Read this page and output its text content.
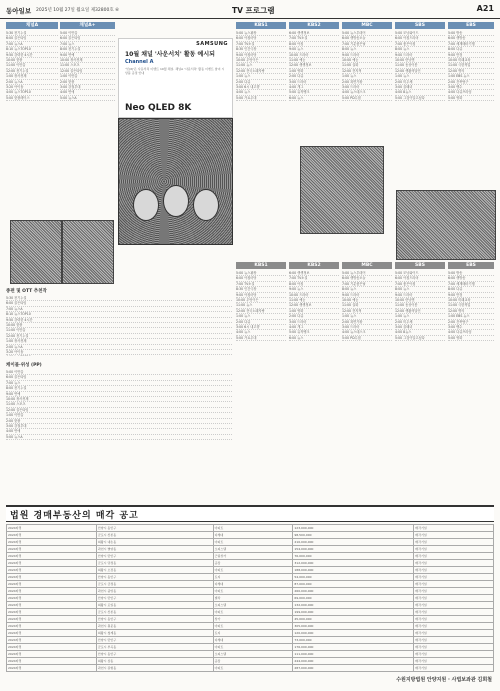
동아일보 2025년 10월 27일 월요일 제32800호 ⑥	TV 프로그램	A21
채널A
5:30 천기누설
6:00 골든타임
7:00 뉴스A
8:10 뉴스TOP10
9:50 강력한 4시간
10:00 핫플
11:00 이만갑
12:00 천기누설
1:00 장사천재
2:00 뉴스A
3:20 아이돌
4:00 뉴스TOP10
5:00 핫플레이스
채널A+
5:00 이만갑
6:00 골든타임
7:00 뉴스
8:00 천기누설
9:00 연예
10:00 장사천재
11:00 스포츠
12:00 골든타임
1:00 이만갑
2:00 핫플
3:00 강철부대
4:00 연애
5:00 뉴스A
SAMSUNG
10월 채널 '사운서치' 활동 예시되
Channel A
'잇(it)'은 사운서치 이벤트 10월 채널. 채널A '사운서치' 활동 이벤트 참여 시 상품 증정 안내
Neo QLED 8K
KBS1
5:00 뉴스광장
6:00 아침마당
7:00 TV소설
8:30 인간극장
9:00 아침마당
10:00 무엇이든
11:00 뉴스
12:00 전국노래자랑
1:00 뉴스
2:00 다큐
3:00 6시 내고향
4:00 뉴스
5:00 가요무대
KBS2
6:00 생생정보
7:00 TV소설
8:00 아침
9:00 뉴스
10:00 드라마
11:00 예능
12:00 생생정보
1:00 영화
2:00 다큐
3:00 드라마
4:00 개그
5:00 뮤직뱅크
6:00 뉴스
MBC
5:00 뉴스투데이
6:00 생방송오늘
7:00 기분좋은날
8:00 뉴스
9:00 드라마
10:00 예능
11:00 실화
12:00 전지적
1:00 뉴스
2:00 복면가왕
3:00 드라마
4:00 뉴스데스크
5:00 PD수첩
SBS
5:00 모닝와이드
6:00 아침드라마
7:00 좋은아침
8:00 뉴스
9:00 드라마
10:00 런닝맨
11:00 동상이몽
12:00 생활의달인
1:00 뉴스
2:00 미우새
3:00 골때녀
4:00 8뉴스
5:00 그것이알고싶다
EBS
5:00 방송
6:00 생방송
7:00 세계테마기행
8:00 다큐
9:00 만점
10:00 미래교육
11:00 극한직업
12:00 명의
1:00 EBS 뉴스
2:00 건축탐구
3:00 펭수
4:00 다큐프라임
5:00 영화
KBS1
5:00 뉴스광장
6:00 아침마당
7:00 TV소설
8:30 인간극장
9:00 아침마당
10:00 무엇이든
11:00 뉴스
12:00 전국노래자랑
1:00 뉴스
2:00 다큐
3:00 6시 내고향
4:00 뉴스
5:00 가요무대
KBS2
6:00 생생정보
7:00 TV소설
8:00 아침
9:00 뉴스
10:00 드라마
11:00 예능
12:00 생생정보
1:00 영화
2:00 다큐
3:00 드라마
4:00 개그
5:00 뮤직뱅크
6:00 뉴스
MBC
5:00 뉴스투데이
6:00 생방송오늘
7:00 기분좋은날
8:00 뉴스
9:00 드라마
10:00 예능
11:00 실화
12:00 전지적
1:00 뉴스
2:00 복면가왕
3:00 드라마
4:00 뉴스데스크
5:00 PD수첩
SBS
5:00 모닝와이드
6:00 아침드라마
7:00 좋은아침
8:00 뉴스
9:00 드라마
10:00 런닝맨
11:00 동상이몽
12:00 생활의달인
1:00 뉴스
2:00 미우새
3:00 골때녀
4:00 8뉴스
5:00 그것이알고싶다
EBS
5:00 방송
6:00 생방송
7:00 세계테마기행
8:00 다큐
9:00 만점
10:00 미래교육
11:00 극한직업
12:00 명의
1:00 EBS 뉴스
2:00 건축탐구
3:00 펭수
4:00 다큐프라임
5:00 영화
종편 및 OTT 추천작
5:30 천기누설
6:00 골든타임
7:00 뉴스A
8:10 뉴스TOP10
9:50 강력한 4시간
10:00 핫플
11:00 이만갑
12:00 천기누설
1:00 장사천재
2:00 뉴스A
3:20 아이돌
케이블·위성 (PP)
5:00 이만갑
6:00 골든타임
7:00 뉴스
8:00 천기누설
9:00 연예
10:00 장사천재
11:00 스포츠
12:00 골든타임
1:00 이만갑
2:00 핫플
3:00 강철부대
4:00 연애
5:00 뉴스A
법원 경매부동산의 매각 공고
2024타경	안양시 동안구	아파트	123,000,000	매각기일
2024타경	군포시 산본동	다세대	98,500,000	매각기일
2024타경	의왕시 내손동	아파트	210,000,000	매각기일
2024타경	과천시 별양동	오피스텔	154,000,000	매각기일
2024타경	안양시 만안구	근린상가	76,000,000	매각기일
2024타경	군포시 당정동	공장	312,000,000	매각기일
2024타경	의왕시 오전동	아파트	188,000,000	매각기일
2024타경	안양시 동안구	토지	54,000,000	매각기일
2024타경	군포시 금정동	다세대	87,000,000	매각기일
2024타경	과천시 중앙동	아파트	260,000,000	매각기일
2024타경	안양시 만안구	빌라	69,000,000	매각기일
2024타경	의왕시 포일동	오피스텔	132,000,000	매각기일
2024타경	군포시 산본동	아파트	199,000,000	매각기일
2024타경	안양시 동안구	상가	45,000,000	매각기일
2024타경	과천시 원문동	아파트	305,000,000	매각기일
2024타경	의왕시 청계동	토지	120,000,000	매각기일
2024타경	안양시 만안구	다세대	73,000,000	매각기일
2024타경	군포시 부곡동	아파트	176,000,000	매각기일
2024타경	안양시 동안구	오피스텔	111,000,000	매각기일
2024타경	의왕시 삼동	공장	244,000,000	매각기일
2024타경	과천시 갈현동	아파트	287,000,000	매각기일
수원지방법원 안양지원 · 사법보좌관 김희철
